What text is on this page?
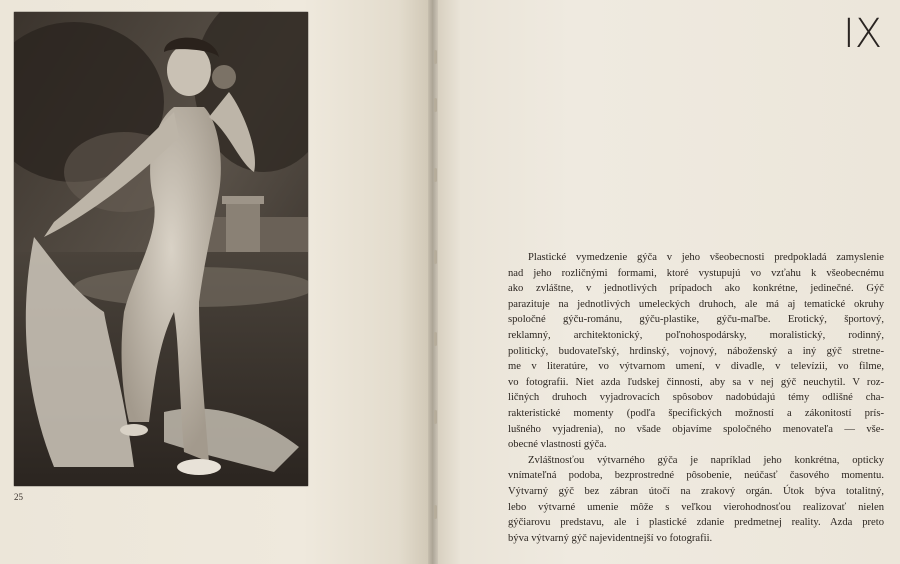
25
IX

Plastické vymedzenie gýča v jeho všeobecnosti predpokladá zamyslenie
nad jeho rozličnými formami, ktoré vystupujú vo vzťahu k všeobecnému
ako zvláštne, v jednotlivých prípadoch ako konkrétne, jedinečné. Gýč
parazituje na jednotlivých umeleckých druhoch, ale má aj tematické okruhy
spoločné gýču-románu, gýču-plastike, gýču-maľbe. Erotický, športový,
reklamný, architektonický, poľnohospodársky, moralistický, rodinný,
politický, budovateľský, hrdinský, vojnový, náboženský a iný gýč stretne-
me v literatúre, vo výtvarnom umení, v divadle, v televízii, vo filme,
vo fotografii. Niet azda ľudskej činnosti, aby sa v nej gýč neuchytil. V roz-
ličných druhoch vyjadrovacích spôsobov nadobúdajú témy odlišné cha-
rakteristické momenty (podľa špecifických možností a zákonitostí prís-
lušného vyjadrenia), no všade objavíme spoločného menovateľa — vše-
obecné vlastnosti gýča.

Zvláštnosťou výtvarného gýča je napríklad jeho konkrétna, opticky
vnímateľná podoba, bezprostredné pôsobenie, neúčasť časového momentu.
Výtvarný gýč bez zábran útočí na zrakový orgán. Útok býva totalitný,
lebo výtvarné umenie môže s veľkou vierohodnosťou realizovať nielen
gýčiarovu predstavu, ale i plastické zdanie predmetnej reality. Azda preto
býva výtvarný gýč najevidentnejší vo fotografii.
